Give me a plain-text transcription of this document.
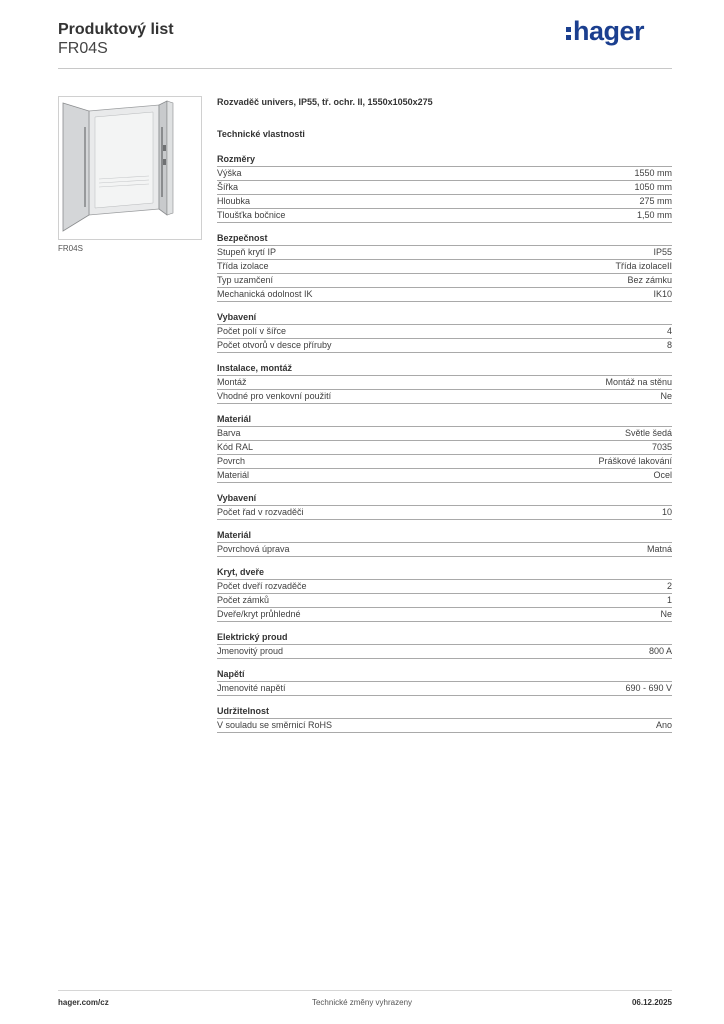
Produktový list
FR04S
hager
FR04S
Rozvaděč univers, IP55, tř. ochr. II, 1550x1050x275
Technické vlastnosti
Rozměry
Výška	1550 mm
Šířka	1050 mm
Hloubka	275 mm
Tloušťka bočnice	1,50 mm
Bezpečnost
Stupeň krytí IP	IP55
Třída izolace	Třída izolaceII
Typ uzamčení	Bez zámku
Mechanická odolnost IK	IK10
Vybavení
Počet polí v šířce	4
Počet otvorů v desce příruby	8
Instalace, montáž
Montáž	Montáž na stěnu
Vhodné pro venkovní použití	Ne
Materiál
Barva	Světle šedá
Kód RAL	7035
Povrch	Práškové lakování
Materiál	Ocel
Vybavení
Počet řad v rozvaděči	10
Materiál
Povrchová úprava	Matná
Kryt, dveře
Počet dveří rozvaděče	2
Počet zámků	1
Dveře/kryt průhledné	Ne
Elektrický proud
Jmenovitý proud	800 A
Napětí
Jmenovité napětí	690 - 690 V
Udržitelnost
V souladu se směrnicí RoHS	Ano
hager.com/cz	Technické změny vyhrazeny	06.12.2025
